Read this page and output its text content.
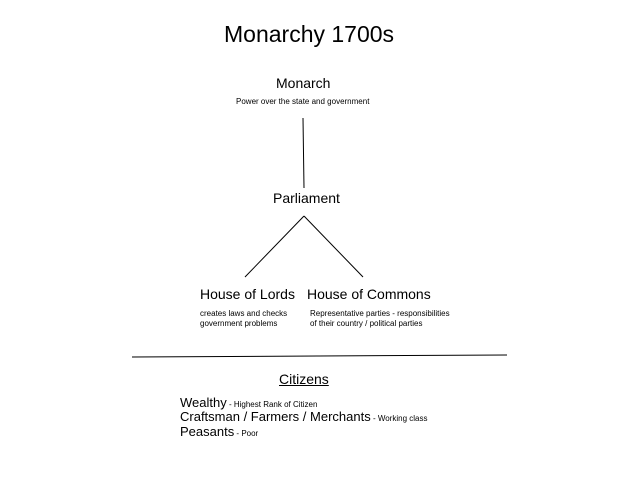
Monarchy 1700s
Monarch
Power over the state and government
Parliament
House of Lords
creates laws and checks
government problems
House of Commons
Representative parties - responsibilities
of their country / political parties
Citizens
Wealthy - Highest Rank of Citizen
Craftsman / Farmers / Merchants - Working class
Peasants - Poor
